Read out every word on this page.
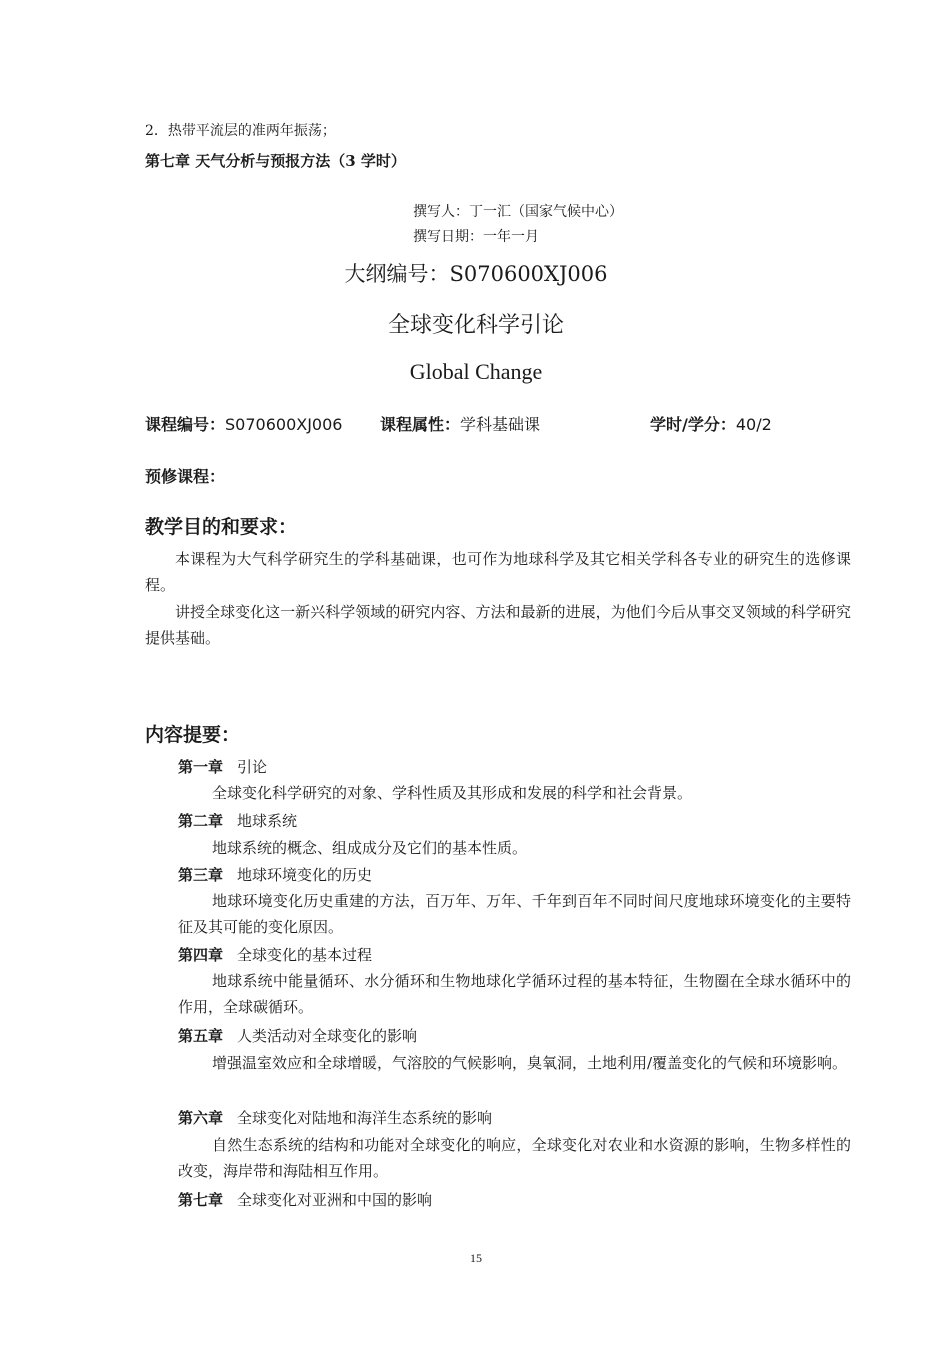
2．热带平流层的准两年振荡；
第七章 天气分析与预报方法（3 学时）
撰写人：丁一汇（国家气候中心）
撰写日期：一年一月
大纲编号：S070600XJ006
全球变化科学引论
Global Change
课程编号：S070600XJ006 课程属性：学科基础课	学时/学分：40/2
预修课程：
教学目的和要求：
本课程为大气科学研究生的学科基础课，也可作为地球科学及其它相关学科各专业的研究生的选修课程。
讲授全球变化这一新兴科学领域的研究内容、方法和最新的进展，为他们今后从事交叉领域的科学研究提供基础。
内容提要：
第一章 引论
全球变化科学研究的对象、学科性质及其形成和发展的科学和社会背景。
第二章 地球系统
地球系统的概念、组成成分及它们的基本性质。
第三章 地球环境变化的历史
地球环境变化历史重建的方法，百万年、万年、千年到百年不同时间尺度地球环境变化的主要特征及其可能的变化原因。
第四章 全球变化的基本过程
地球系统中能量循环、水分循环和生物地球化学循环过程的基本特征，生物圈在全球水循环中的作用，全球碳循环。
第五章 人类活动对全球变化的影响
增强温室效应和全球增暖，气溶胶的气候影响，臭氧洞，土地利用/覆盖变化的气候和环境影响。
第六章 全球变化对陆地和海洋生态系统的影响
自然生态系统的结构和功能对全球变化的响应，全球变化对农业和水资源的影响，生物多样性的改变，海岸带和海陆相互作用。
第七章 全球变化对亚洲和中国的影响
15
